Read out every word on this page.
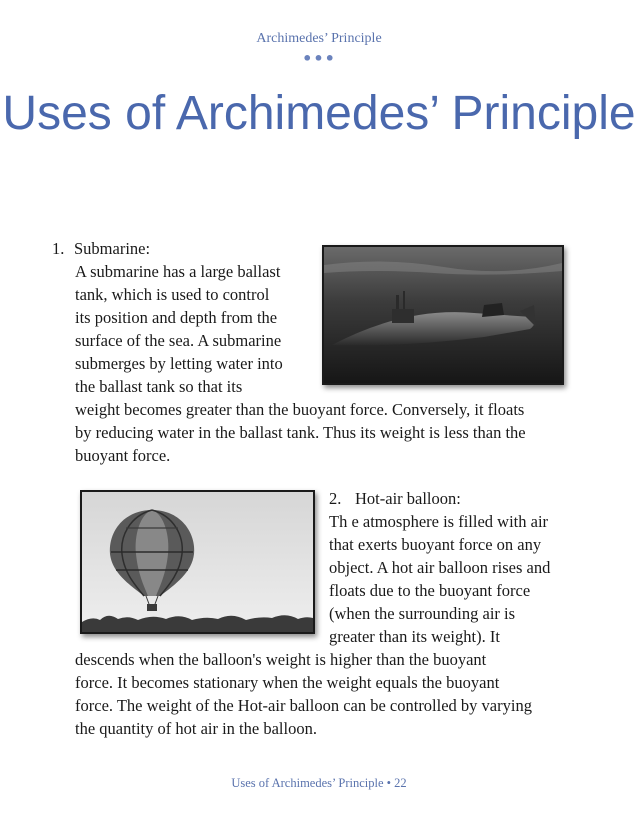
Archimedes’ Principle
•••
Uses of Archimedes’ Principle
1. Submarine:
A submarine has a large ballast
tank, which is used to control
its position and depth from the
surface of the sea. A submarine
submerges by letting water into
the ballast tank so that its
weight becomes greater than the buoyant force. Conversely, it floats
by reducing water in the ballast tank. Thus its weight is less than the
buoyant force.
2. Hot-air balloon:
Th e atmosphere is filled with air
that exerts buoyant force on any
object. A hot air balloon rises and
floats due to the buoyant force
(when the surrounding air is
greater than its weight). It
descends when the balloon's weight is higher than the buoyant
force. It becomes stationary when the weight equals the buoyant
force. The weight of the Hot-air balloon can be controlled by varying
the quantity of hot air in the balloon.
Uses of Archimedes’ Principle • 22
